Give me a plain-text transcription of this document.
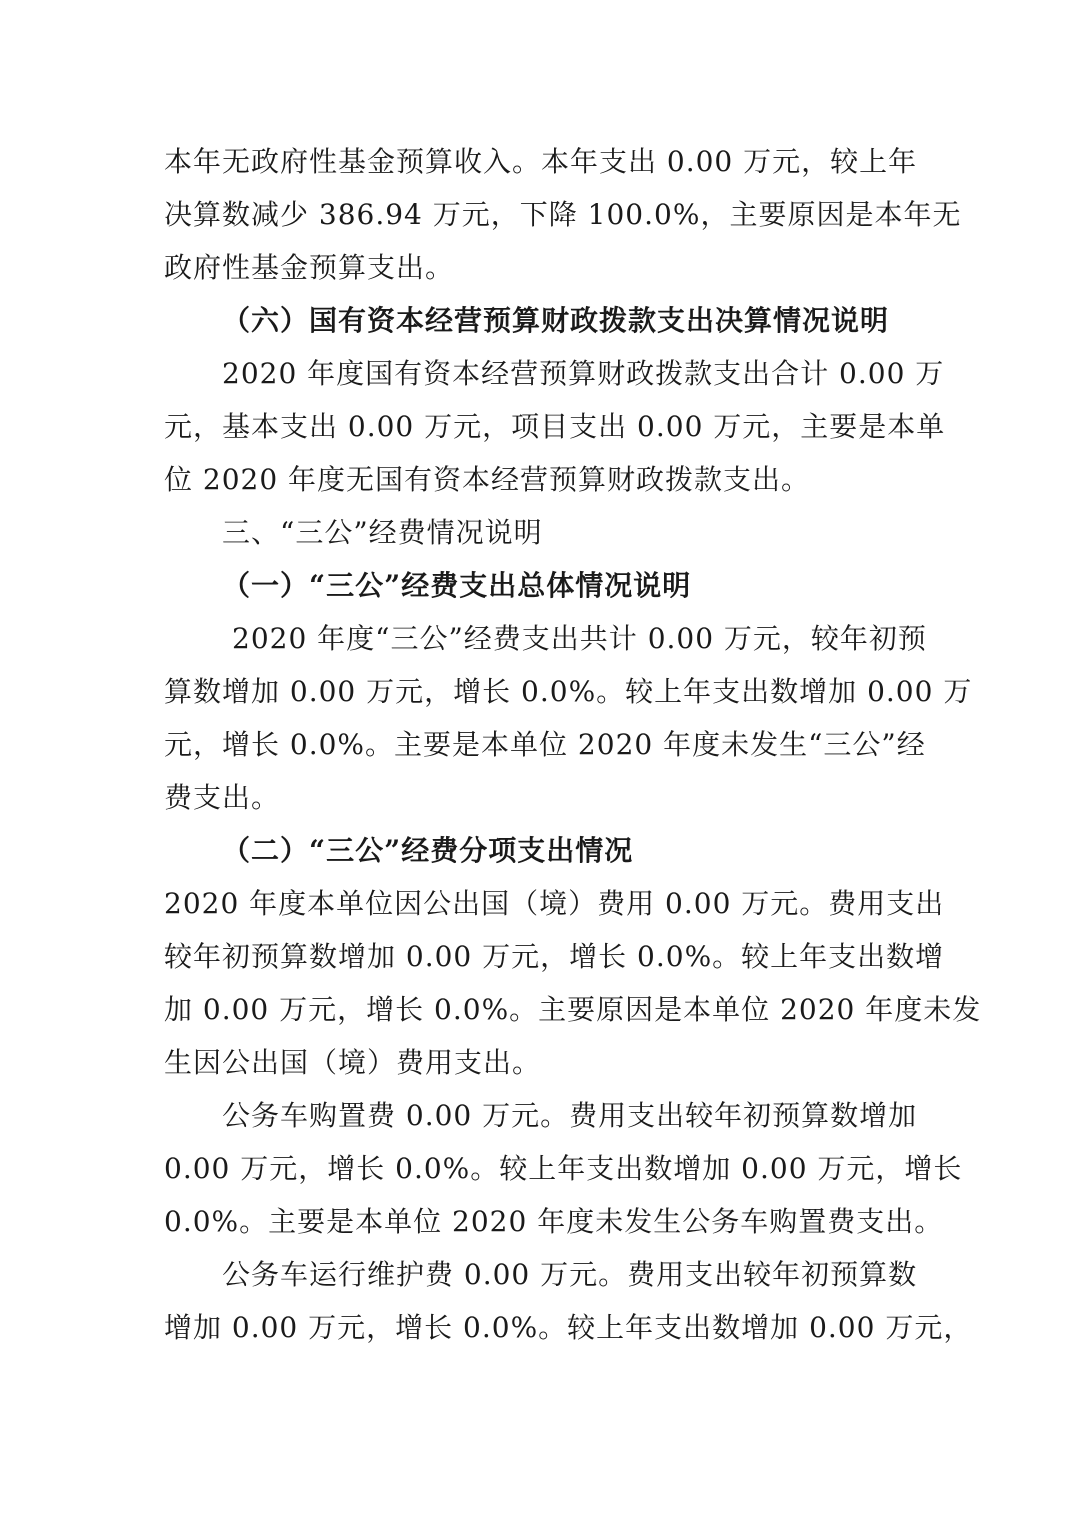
本年无政府性基金预算收入。本年支出 0.00 万元，较上年
决算数减少 386.94 万元，下降 100.0%，主要原因是本年无
政府性基金预算支出。
（六）国有资本经营预算财政拨款支出决算情况说明
2020 年度国有资本经营预算财政拨款支出合计 0.00 万
元，基本支出 0.00 万元，项目支出 0.00 万元，主要是本单
位 2020 年度无国有资本经营预算财政拨款支出。
三、“三公”经费情况说明
（一）“三公”经费支出总体情况说明
2020 年度“三公”经费支出共计 0.00 万元，较年初预
算数增加 0.00 万元，增长 0.0%。较上年支出数增加 0.00 万
元，增长 0.0%。主要是本单位 2020 年度未发生“三公”经
费支出。
（二）“三公”经费分项支出情况
2020 年度本单位因公出国（境）费用 0.00 万元。费用支出
较年初预算数增加 0.00 万元，增长 0.0%。较上年支出数增
加 0.00 万元，增长 0.0%。主要原因是本单位 2020 年度未发
生因公出国（境）费用支出。
公务车购置费 0.00 万元。费用支出较年初预算数增加
0.00 万元，增长 0.0%。较上年支出数增加 0.00 万元，增长
0.0%。主要是本单位 2020 年度未发生公务车购置费支出。
公务车运行维护费 0.00 万元。费用支出较年初预算数
增加 0.00 万元，增长 0.0%。较上年支出数增加 0.00 万元，
